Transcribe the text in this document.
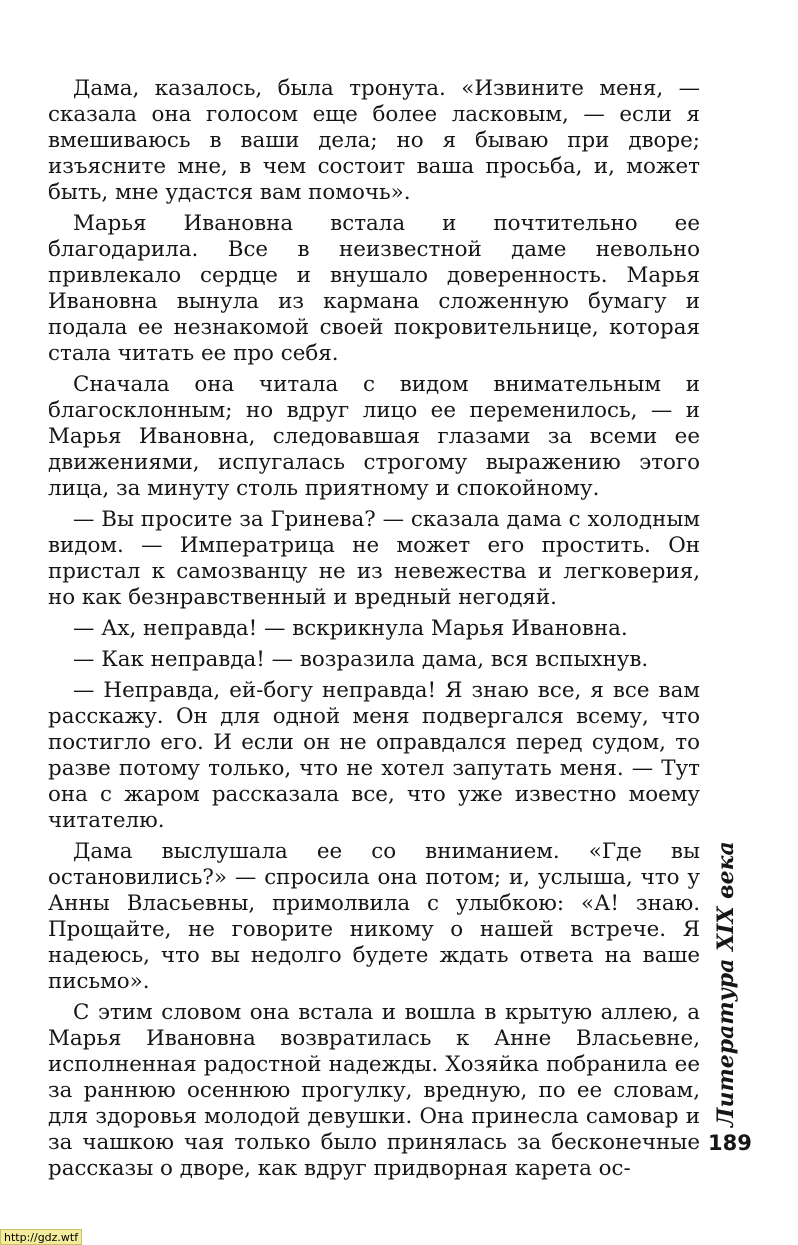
Дама, казалось, была тронута. «Извините меня, — сказала она голосом еще более ласковым, — если я вмешиваюсь в ваши дела; но я бываю при дворе; изъясните мне, в чем состоит ваша просьба, и, может быть, мне удастся вам помочь».

Марья Ивановна встала и почтительно ее благодарила. Все в неизвестной даме невольно привлекало сердце и внушало доверенность. Марья Ивановна вынула из кармана сложенную бумагу и подала ее незнакомой своей покровительнице, которая стала читать ее про себя.

Сначала она читала с видом внимательным и благосклонным; но вдруг лицо ее переменилось, — и Марья Ивановна, следовавшая глазами за всеми ее движениями, испугалась строгому выражению этого лица, за минуту столь приятному и спокойному.

— Вы просите за Гринева? — сказала дама с холодным видом. — Императрица не может его простить. Он пристал к самозванцу не из невежества и легковерия, но как безнравственный и вредный негодяй.

— Ах, неправда! — вскрикнула Марья Ивановна.

— Как неправда! — возразила дама, вся вспыхнув.

— Неправда, ей-богу неправда! Я знаю все, я все вам расскажу. Он для одной меня подвергался всему, что постигло его. И если он не оправдался перед судом, то разве потому только, что не хотел запутать меня. — Тут она с жаром рассказала все, что уже известно моему читателю.

Дама выслушала ее со вниманием. «Где вы остановились?» — спросила она потом; и, услыша, что у Анны Власьевны, примолвила с улыбкою: «А! знаю. Прощайте, не говорите никому о нашей встрече. Я надеюсь, что вы недолго будете ждать ответа на ваше письмо».

С этим словом она встала и вошла в крытую аллею, а Марья Ивановна возвратилась к Анне Власьевне, исполненная радостной надежды. Хозяйка побранила ее за раннюю осеннюю прогулку, вредную, по ее словам, для здоровья молодой девушки. Она принесла самовар и за чашкою чая только было принялась за бесконечные рассказы о дворе, как вдруг придворная карета ос-

Литература XIX века
189
http://gdz.wtf
